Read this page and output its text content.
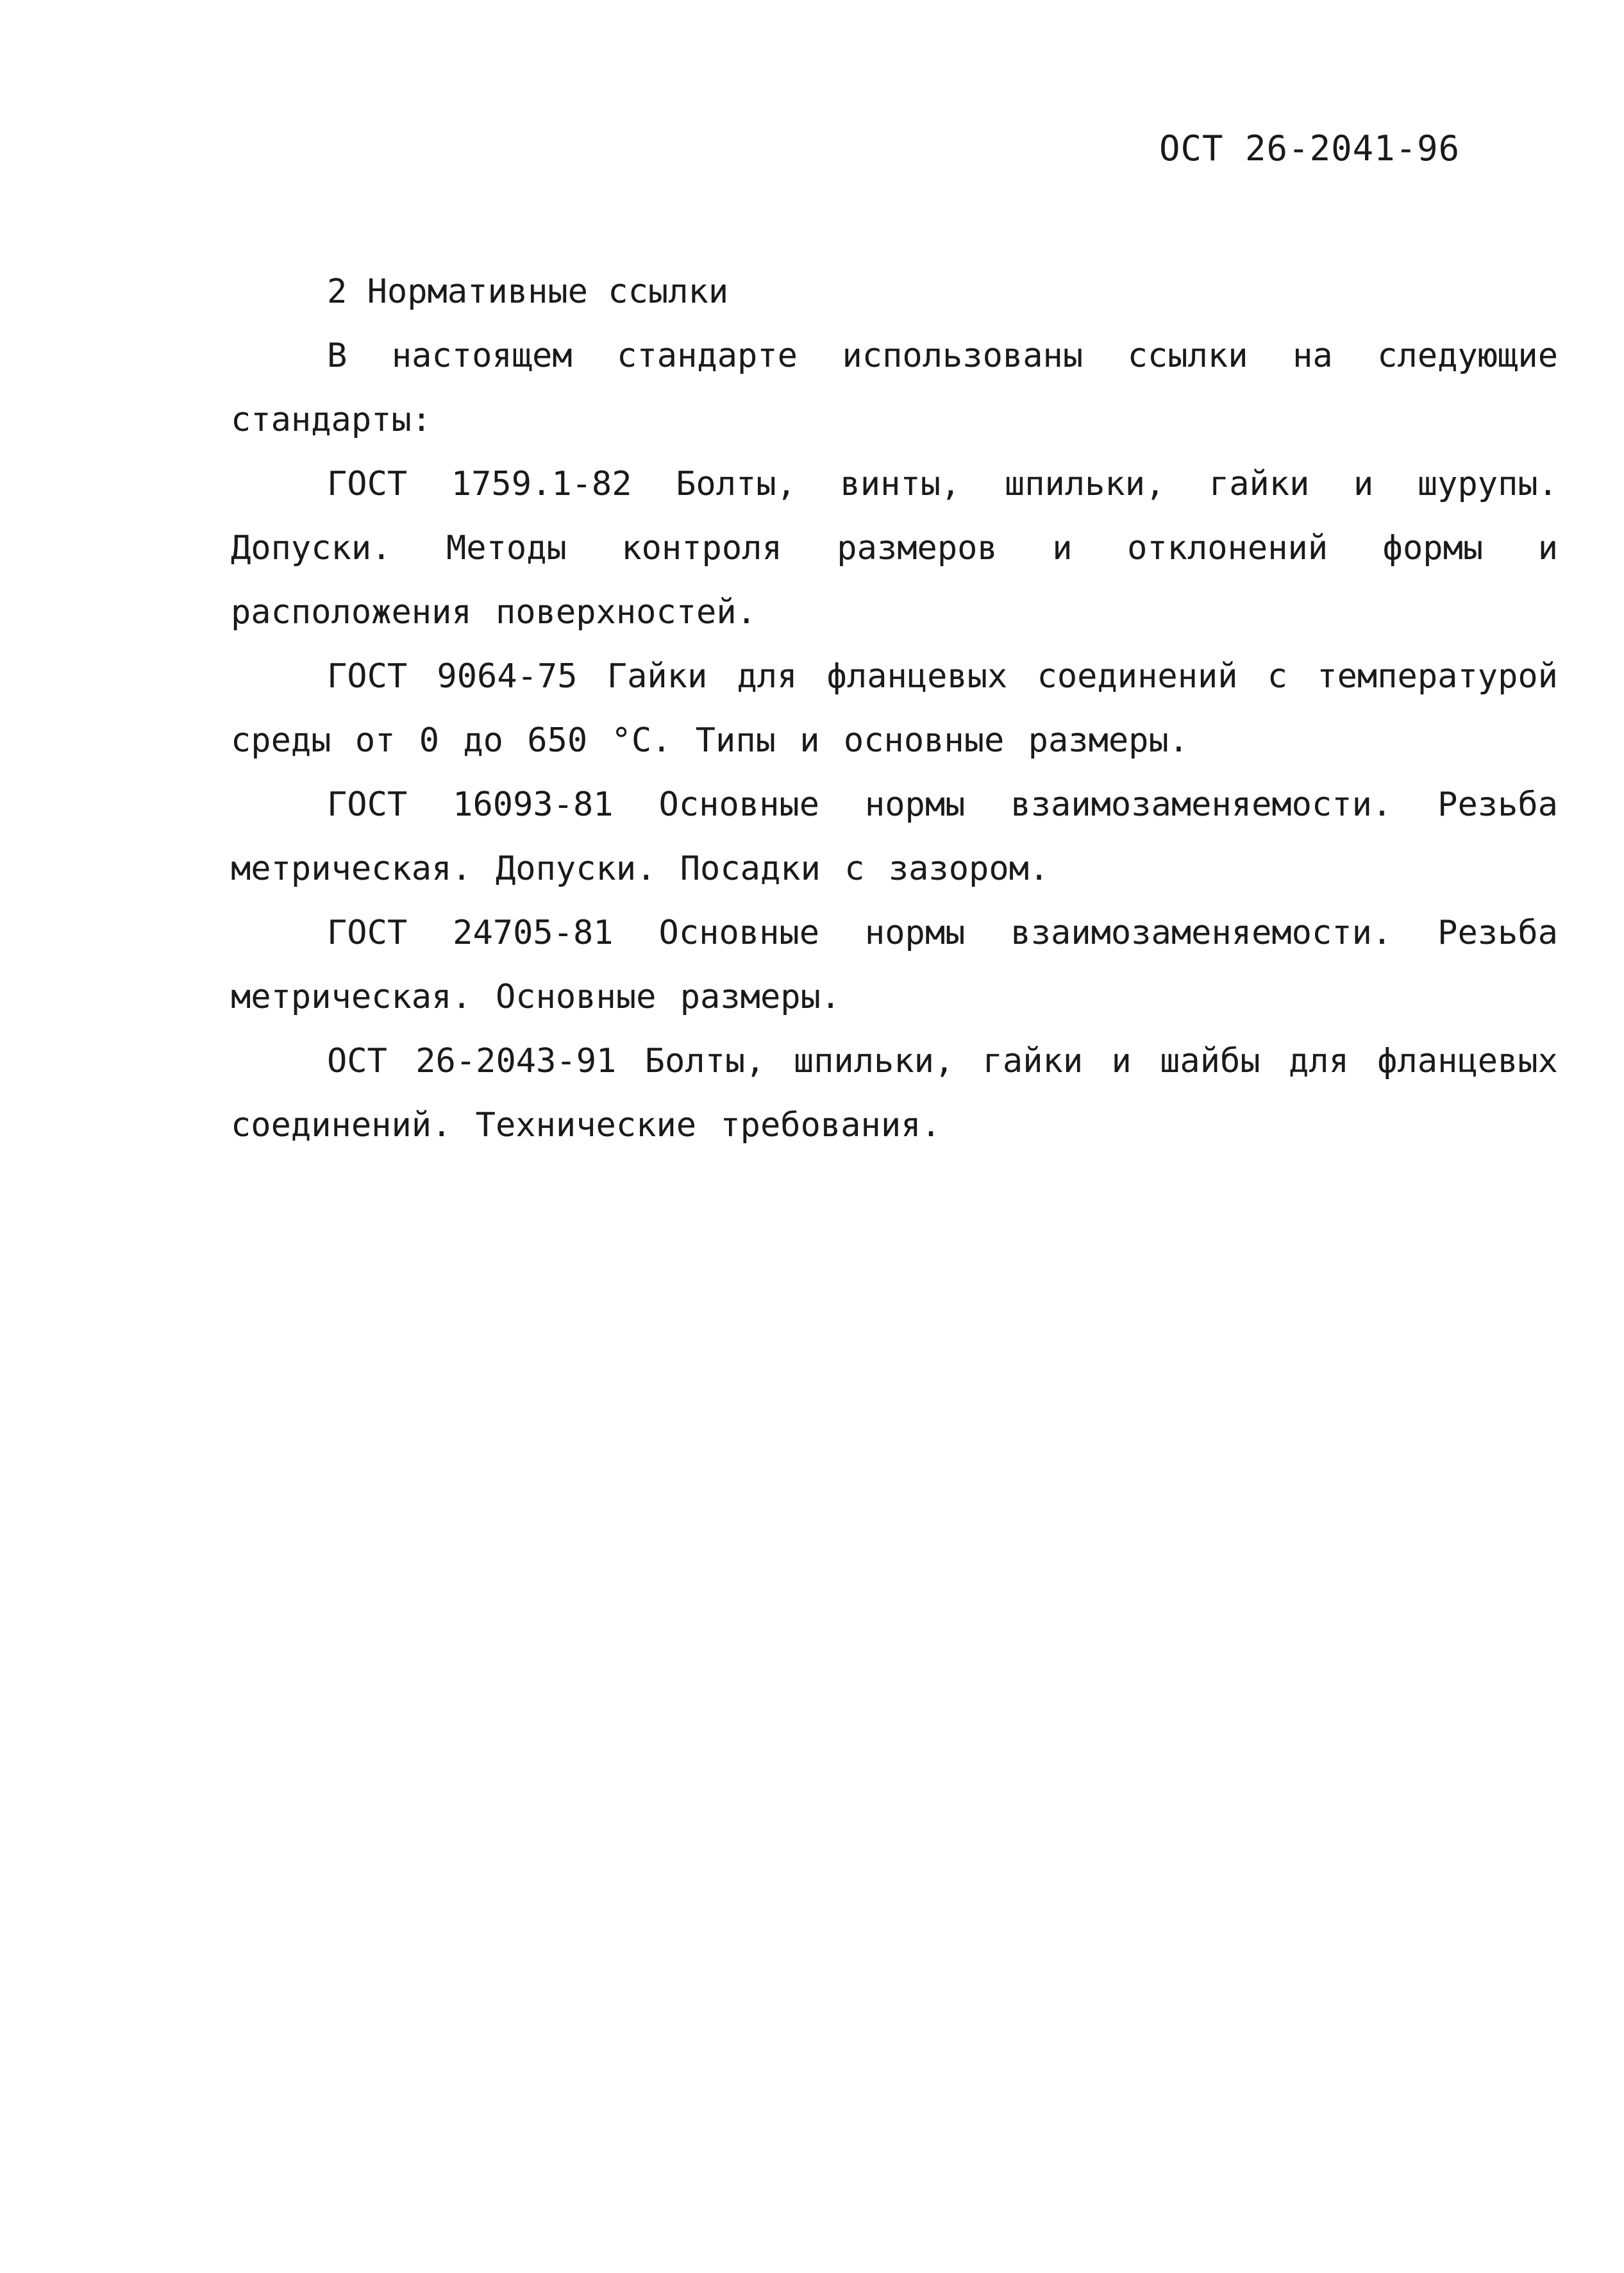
ОСТ 26-2041-96
2 Нормативные ссылки

В настоящем стандарте использованы ссылки на следующие стандарты:

ГОСТ 1759.1-82 Болты, винты, шпильки, гайки и шурупы. Допуски. Методы контроля размеров и отклонений формы и расположения поверхностей.

ГОСТ 9064-75 Гайки для фланцевых соединений с температурой среды от 0 до 650 °С. Типы и основные размеры.

ГОСТ 16093-81 Основные нормы взаимозаменяемости. Резьба метрическая. Допуски. Посадки с зазором.

ГОСТ 24705-81 Основные нормы взаимозаменяемости. Резьба метрическая. Основные размеры.

ОСТ 26-2043-91 Болты, шпильки, гайки и шайбы для фланцевых соединений. Технические требования.
